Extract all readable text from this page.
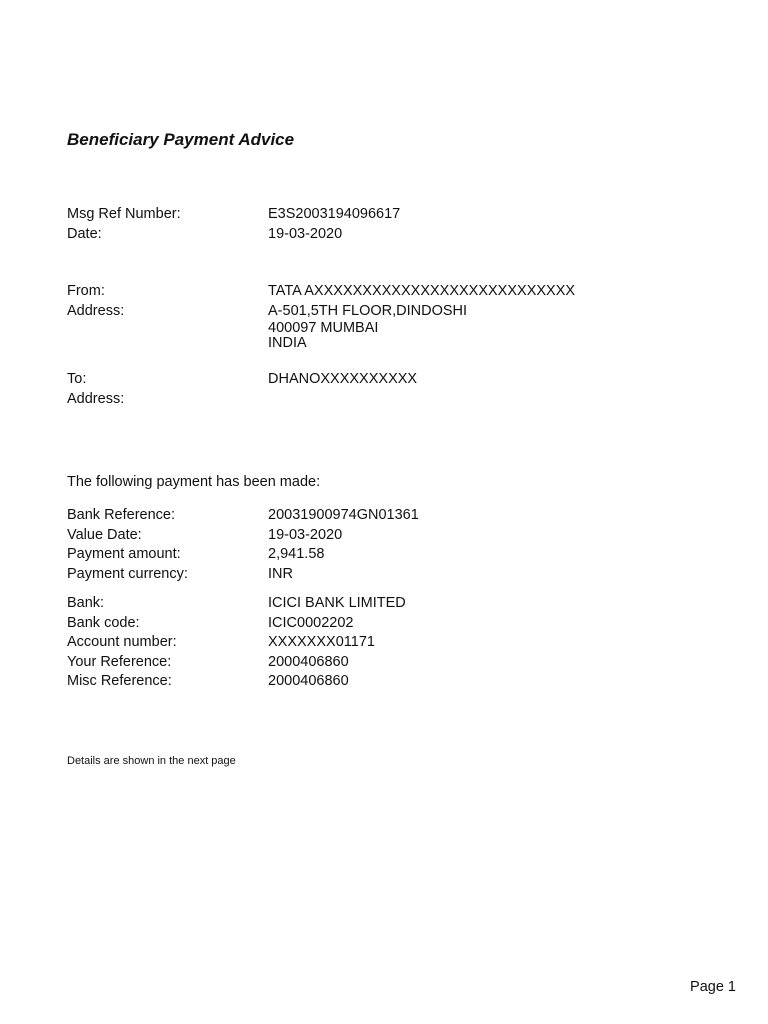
Beneficiary Payment Advice
Msg Ref Number:	E3S2003194096617
Date:	19-03-2020
From:	TATA AXXXXXXXXXXXXXXXXXXXXXXXXXXX
Address:	A-501,5TH FLOOR,DINDOSHI
400097 MUMBAI
INDIA
To:	DHANOXXXXXXXXXX
Address:
The following payment has been made:
Bank Reference:	20031900974GN01361
Value Date:	19-03-2020
Payment amount:	2,941.58
Payment currency:	INR
Bank:	ICICI BANK LIMITED
Bank code:	ICIC0002202
Account number:	XXXXXXX01171
Your Reference:	2000406860
Misc Reference:	2000406860
Details are shown in the next page
Page 1
